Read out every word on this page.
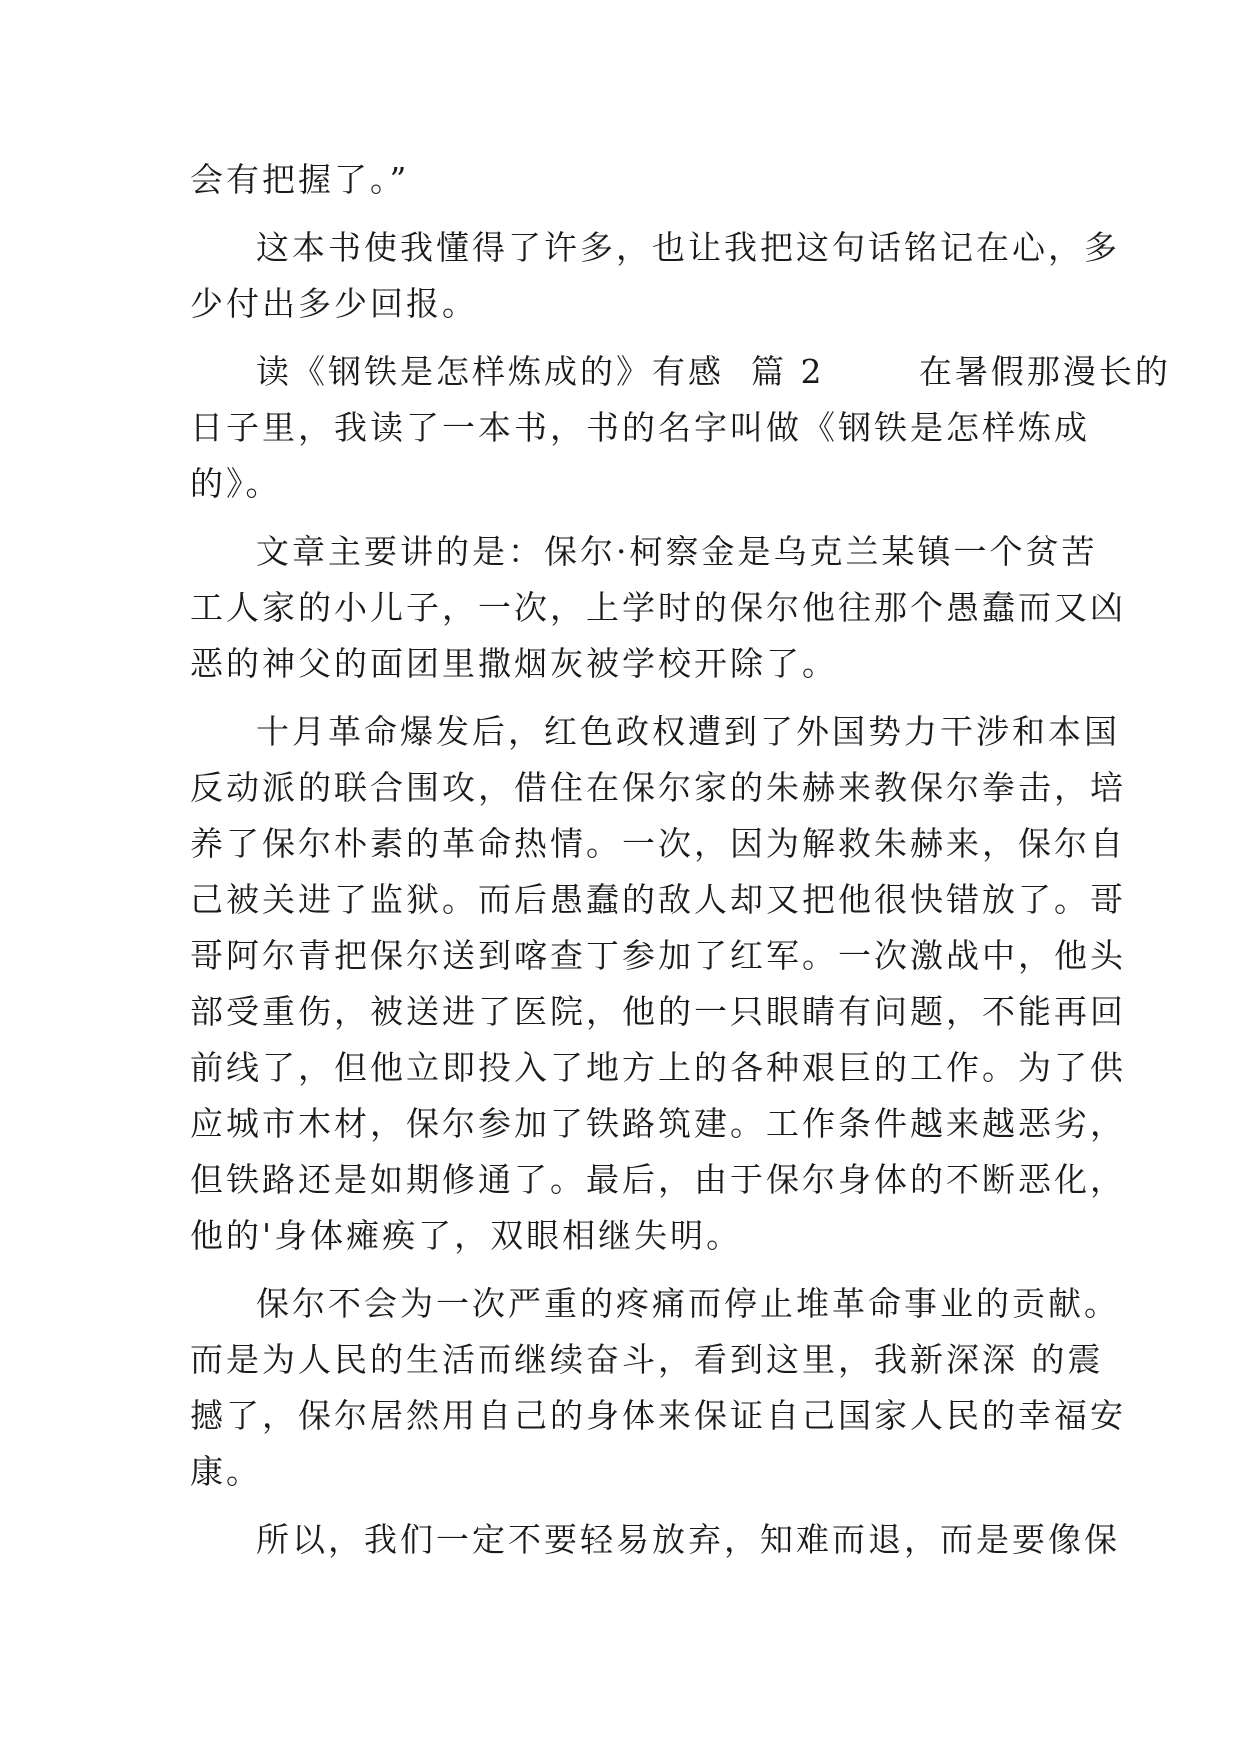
会有把握了。”
这本书使我懂得了许多，也让我把这句话铭记在心，多
少付出多少回报。
读《钢铁是怎样炼成的》有感  篇 2       在暑假那漫长的
日子里，我读了一本书，书的名字叫做《钢铁是怎样炼成
的》。
文章主要讲的是：保尔·柯察金是乌克兰某镇一个贫苦
工人家的小儿子，一次，上学时的保尔他往那个愚蠢而又凶
恶的神父的面团里撒烟灰被学校开除了。
十月革命爆发后，红色政权遭到了外国势力干涉和本国
反动派的联合围攻，借住在保尔家的朱赫来教保尔拳击，培
养了保尔朴素的革命热情。一次，因为解救朱赫来，保尔自
己被关进了监狱。而后愚蠢的敌人却又把他很快错放了。哥
哥阿尔青把保尔送到喀查丁参加了红军。一次激战中，他头
部受重伤，被送进了医院，他的一只眼睛有问题，不能再回
前线了，但他立即投入了地方上的各种艰巨的工作。为了供
应城市木材，保尔参加了铁路筑建。工作条件越来越恶劣，
但铁路还是如期修通了。最后，由于保尔身体的不断恶化，
他的'身体瘫痪了，双眼相继失明。
保尔不会为一次严重的疼痛而停止堆革命事业的贡献。
而是为人民的生活而继续奋斗，看到这里，我新深深 的震
撼了，保尔居然用自己的身体来保证自己国家人民的幸福安
康。
所以，我们一定不要轻易放弃，知难而退，而是要像保
